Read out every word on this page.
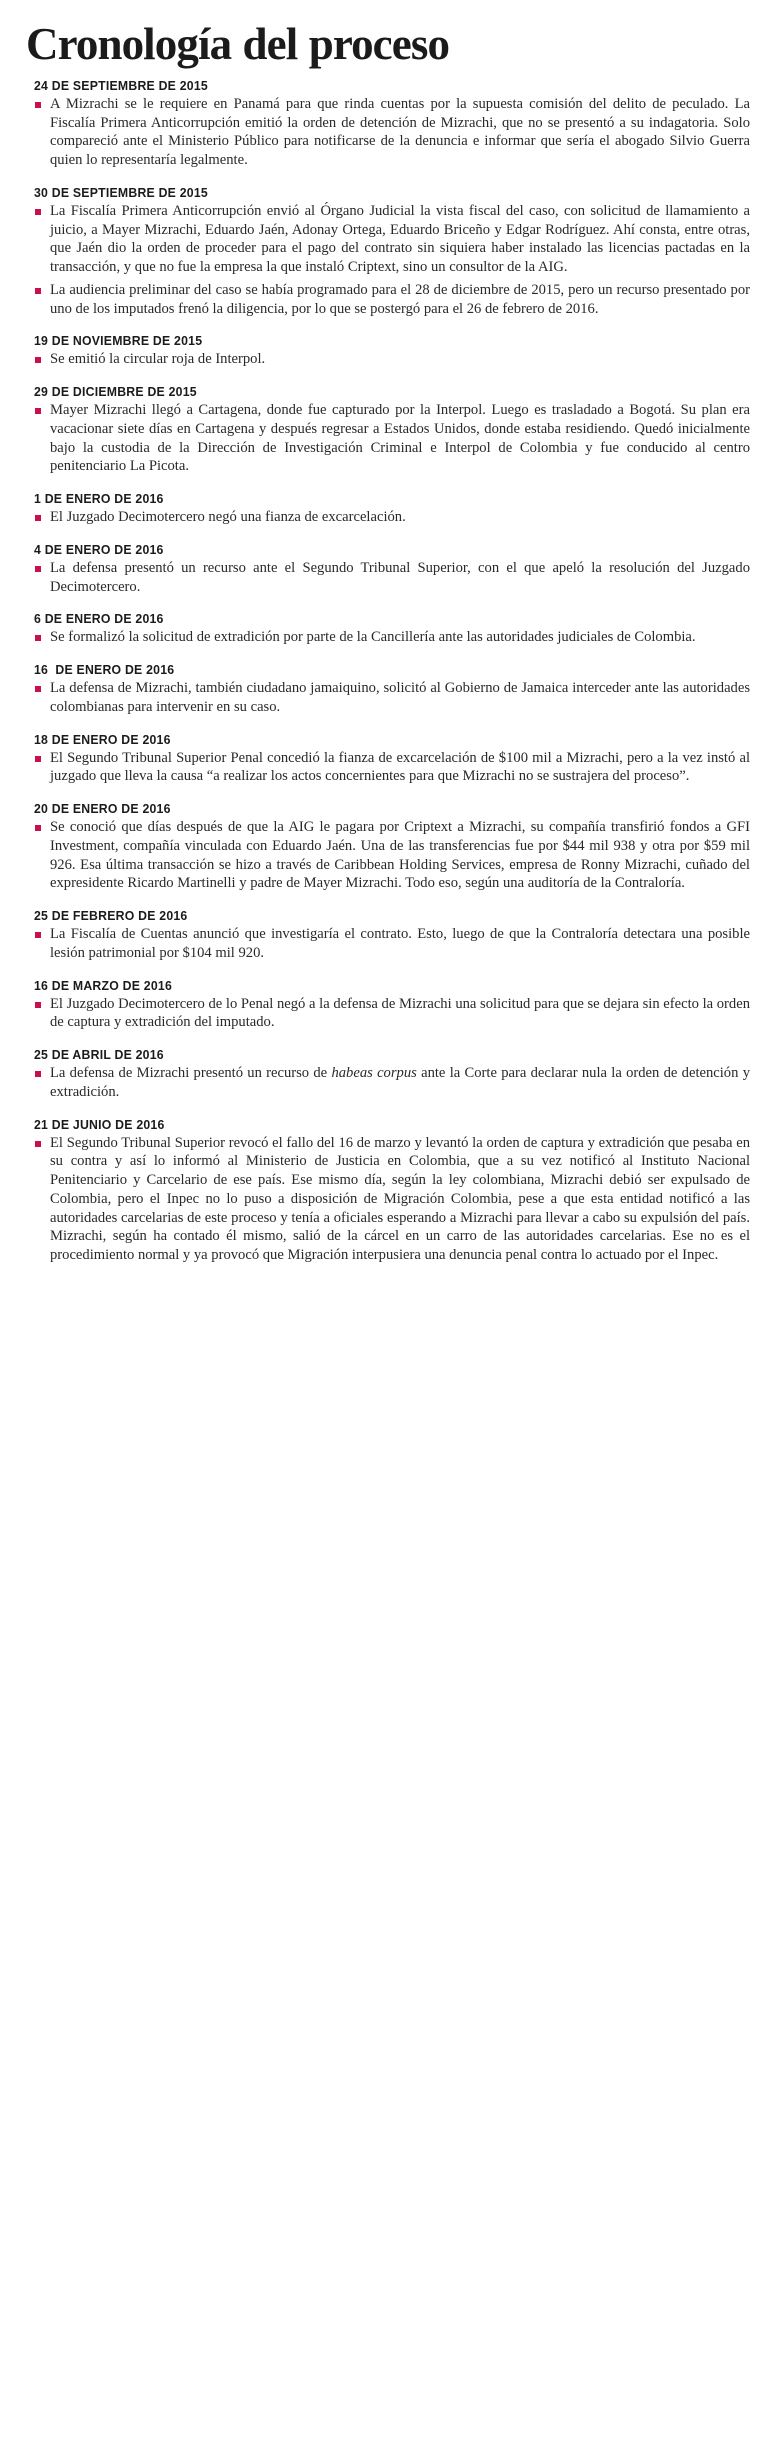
Cronología del proceso
24 DE SEPTIEMBRE DE 2015
A Mizrachi se le requiere en Panamá para que rinda cuentas por la supuesta comisión del delito de peculado. La Fiscalía Primera Anticorrupción emitió la orden de detención de Mizrachi, que no se presentó a su indagatoria. Solo compareció ante el Ministerio Público para notificarse de la denuncia e informar que sería el abogado Silvio Guerra quien lo representaría legalmente.
30 DE SEPTIEMBRE DE 2015
La Fiscalía Primera Anticorrupción envió al Órgano Judicial la vista fiscal del caso, con solicitud de llamamiento a juicio, a Mayer Mizrachi, Eduardo Jaén, Adonay Ortega, Eduardo Briceño y Edgar Rodríguez. Ahí consta, entre otras, que Jaén dio la orden de proceder para el pago del contrato sin siquiera haber instalado las licencias pactadas en la transacción, y que no fue la empresa la que instaló Criptext, sino un consultor de la AIG.
La audiencia preliminar del caso se había programado para el 28 de diciembre de 2015, pero un recurso presentado por uno de los imputados frenó la diligencia, por lo que se postergó para el 26 de febrero de 2016.
19 DE NOVIEMBRE DE 2015
Se emitió la circular roja de Interpol.
29 DE DICIEMBRE DE 2015
Mayer Mizrachi llegó a Cartagena, donde fue capturado por la Interpol. Luego es trasladado a Bogotá. Su plan era vacacionar siete días en Cartagena y después regresar a Estados Unidos, donde estaba residiendo. Quedó inicialmente bajo la custodia de la Dirección de Investigación Criminal e Interpol de Colombia y fue conducido al centro penitenciario La Picota.
1 DE ENERO DE 2016
El Juzgado Decimotercero negó una fianza de excarcelación.
4 DE ENERO DE 2016
La defensa presentó un recurso ante el Segundo Tribunal Superior, con el que apeló la resolución del Juzgado Decimotercero.
6 DE ENERO DE 2016
Se formalizó la solicitud de extradición por parte de la Cancillería ante las autoridades judiciales de Colombia.
16  DE ENERO DE 2016
La defensa de Mizrachi, también ciudadano jamaiquino, solicitó al Gobierno de Jamaica interceder ante las autoridades colombianas para intervenir en su caso.
18 DE ENERO DE 2016
El Segundo Tribunal Superior Penal concedió la fianza de excarcelación de $100 mil a Mizrachi, pero a la vez instó al juzgado que lleva la causa “a realizar los actos concernientes para que Mizrachi no se sustrajera del proceso”.
20 DE ENERO DE 2016
Se conoció que días después de que la AIG le pagara por Criptext a Mizrachi, su compañía transfirió fondos a GFI Investment, compañía vinculada con Eduardo Jaén. Una de las transferencias fue por $44 mil 938 y otra por $59 mil 926. Esa última transacción se hizo a través de Caribbean Holding Services, empresa de Ronny Mizrachi, cuñado del expresidente Ricardo Martinelli y padre de Mayer Mizrachi. Todo eso, según una auditoría de la Contraloría.
25 DE FEBRERO DE 2016
La Fiscalía de Cuentas anunció que investigaría el contrato. Esto, luego de que la Contraloría detectara una posible lesión patrimonial por $104 mil 920.
16 DE MARZO DE 2016
El Juzgado Decimotercero de lo Penal negó a la defensa de Mizrachi una solicitud para que se dejara sin efecto la orden de captura y extradición del imputado.
25 DE ABRIL DE 2016
La defensa de Mizrachi presentó un recurso de habeas corpus ante la Corte para declarar nula la orden de detención y extradición.
21 DE JUNIO DE 2016
El Segundo Tribunal Superior revocó el fallo del 16 de marzo y levantó la orden de captura y extradición que pesaba en su contra y así lo informó al Ministerio de Justicia en Colombia, que a su vez notificó al Instituto Nacional Penitenciario y Carcelario de ese país. Ese mismo día, según la ley colombiana, Mizrachi debió ser expulsado de Colombia, pero el Inpec no lo puso a disposición de Migración Colombia, pese a que esta entidad notificó a las autoridades carcelarias de este proceso y tenía a oficiales esperando a Mizrachi para llevar a cabo su expulsión del país. Mizrachi, según ha contado él mismo, salió de la cárcel en un carro de las autoridades carcelarias. Ese no es el procedimiento normal y ya provocó que Migración interpusiera una denuncia penal contra lo actuado por el Inpec.
